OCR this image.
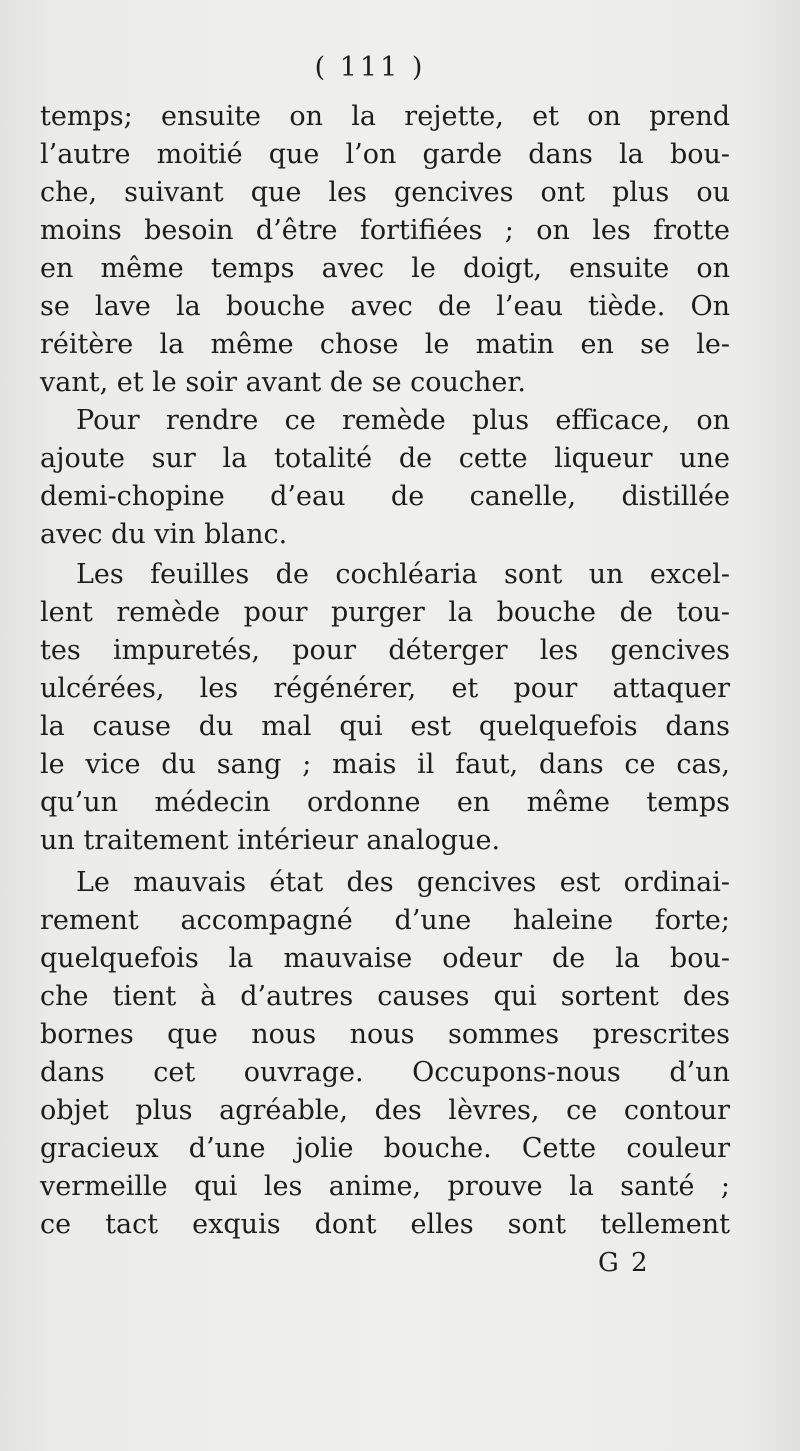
( 111 )
temps; ensuite on la rejette, et on prend
l’autre moitié que l’on garde dans la bou-
che, suivant que les gencives ont plus ou
moins besoin d’être fortifiées ; on les frotte
en même temps avec le doigt, ensuite on
se lave la bouche avec de l’eau tiède. On
réitère la même chose le matin en se le-
vant, et le soir avant de se coucher.
Pour rendre ce remède plus efficace, on
ajoute sur la totalité de cette liqueur une
demi-chopine d’eau de canelle, distillée
avec du vin blanc.
Les feuilles de cochléaria sont un excel-
lent remède pour purger la bouche de tou-
tes impuretés, pour déterger les gencives
ulcérées, les régénérer, et pour attaquer
la cause du mal qui est quelquefois dans
le vice du sang ; mais il faut, dans ce cas,
qu’un médecin ordonne en même temps
un traitement intérieur analogue.
Le mauvais état des gencives est ordinai-
rement accompagné d’une haleine forte;
quelquefois la mauvaise odeur de la bou-
che tient à d’autres causes qui sortent des
bornes que nous nous sommes prescrites
dans cet ouvrage. Occupons-nous d’un
objet plus agréable, des lèvres, ce contour
gracieux d’une jolie bouche. Cette couleur
vermeille qui les anime, prouve la santé ;
ce tact exquis dont elles sont tellement
G 2
